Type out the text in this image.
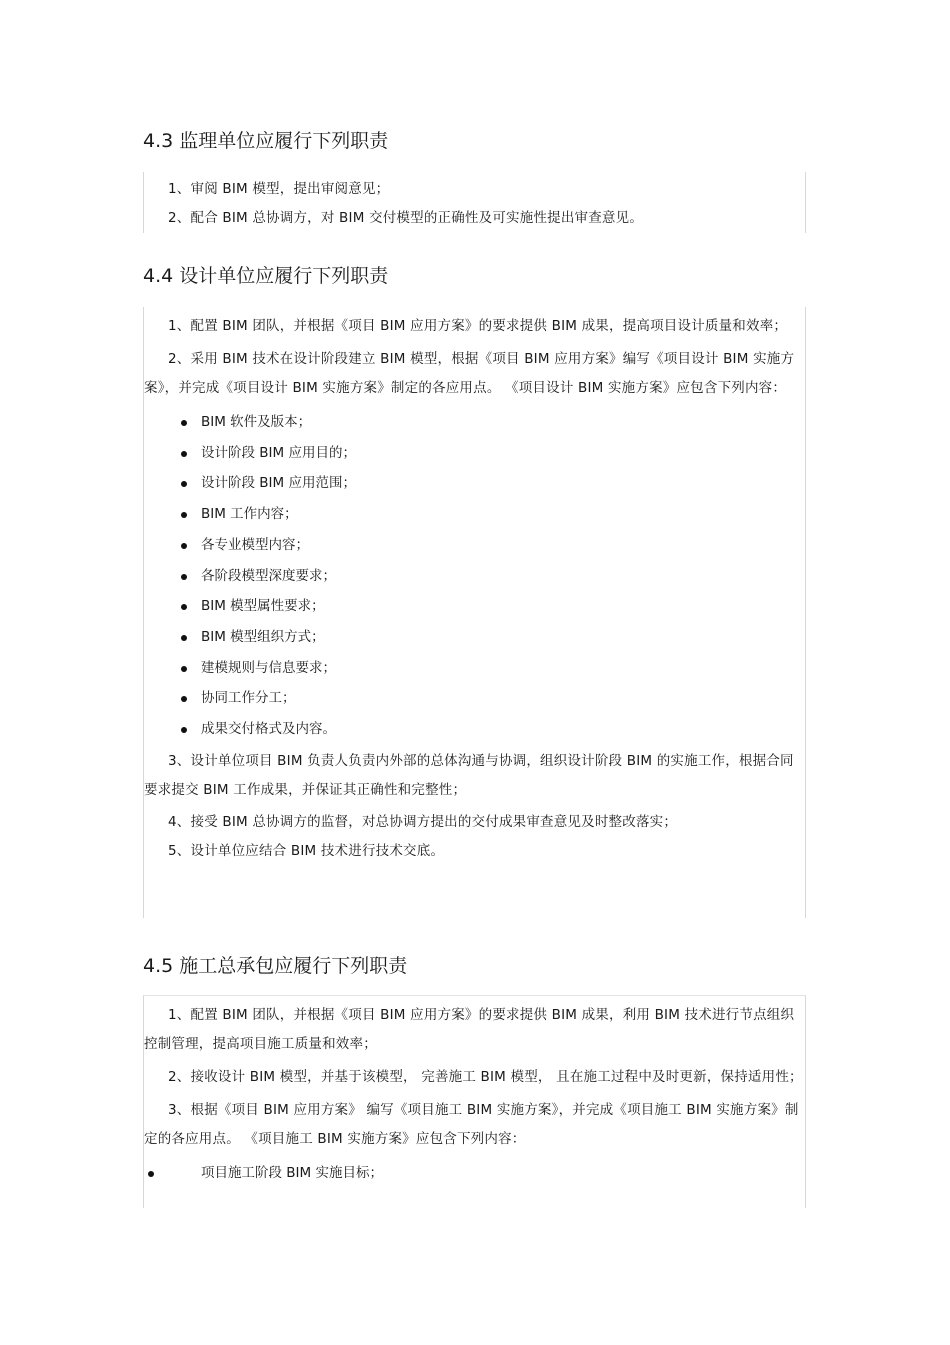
4.3 监理单位应履行下列职责

1、审阅 BIM 模型，提出审阅意见；

2、配合 BIM 总协调方，对 BIM 交付模型的正确性及可实施性提出审查意见。

4.4 设计单位应履行下列职责

1、配置 BIM 团队，并根据《项目 BIM 应用方案》的要求提供 BIM 成果，提高项目设计质量和效率；

2、采用 BIM 技术在设计阶段建立 BIM 模型，根据《项目 BIM 应用方案》编写《项目设计 BIM 实施方案》，并完成《项目设计 BIM 实施方案》制定的各应用点。 《项目设计 BIM 实施方案》应包含下列内容：

BIM 软件及版本；
设计阶段 BIM 应用目的；
设计阶段 BIM 应用范围；
BIM 工作内容；
各专业模型内容；
各阶段模型深度要求；
BIM 模型属性要求；
BIM 模型组织方式；
建模规则与信息要求；
协同工作分工；
成果交付格式及内容。

3、设计单位项目 BIM 负责人负责内外部的总体沟通与协调，组织设计阶段 BIM 的实施工作，根据合同要求提交 BIM 工作成果，并保证其正确性和完整性；

4、接受 BIM 总协调方的监督，对总协调方提出的交付成果审查意见及时整改落实；

5、设计单位应结合 BIM 技术进行技术交底。

4.5 施工总承包应履行下列职责

1、配置 BIM 团队，并根据《项目 BIM 应用方案》的要求提供 BIM 成果，利用 BIM 技术进行节点组织控制管理，提高项目施工质量和效率；

2、接收设计 BIM 模型，并基于该模型， 完善施工 BIM 模型， 且在施工过程中及时更新，保持适用性；

3、根据《项目 BIM 应用方案》 编写《项目施工 BIM 实施方案》，并完成《项目施工 BIM 实施方案》制定的各应用点。 《项目施工 BIM 实施方案》应包含下列内容：

项目施工阶段 BIM 实施目标；
